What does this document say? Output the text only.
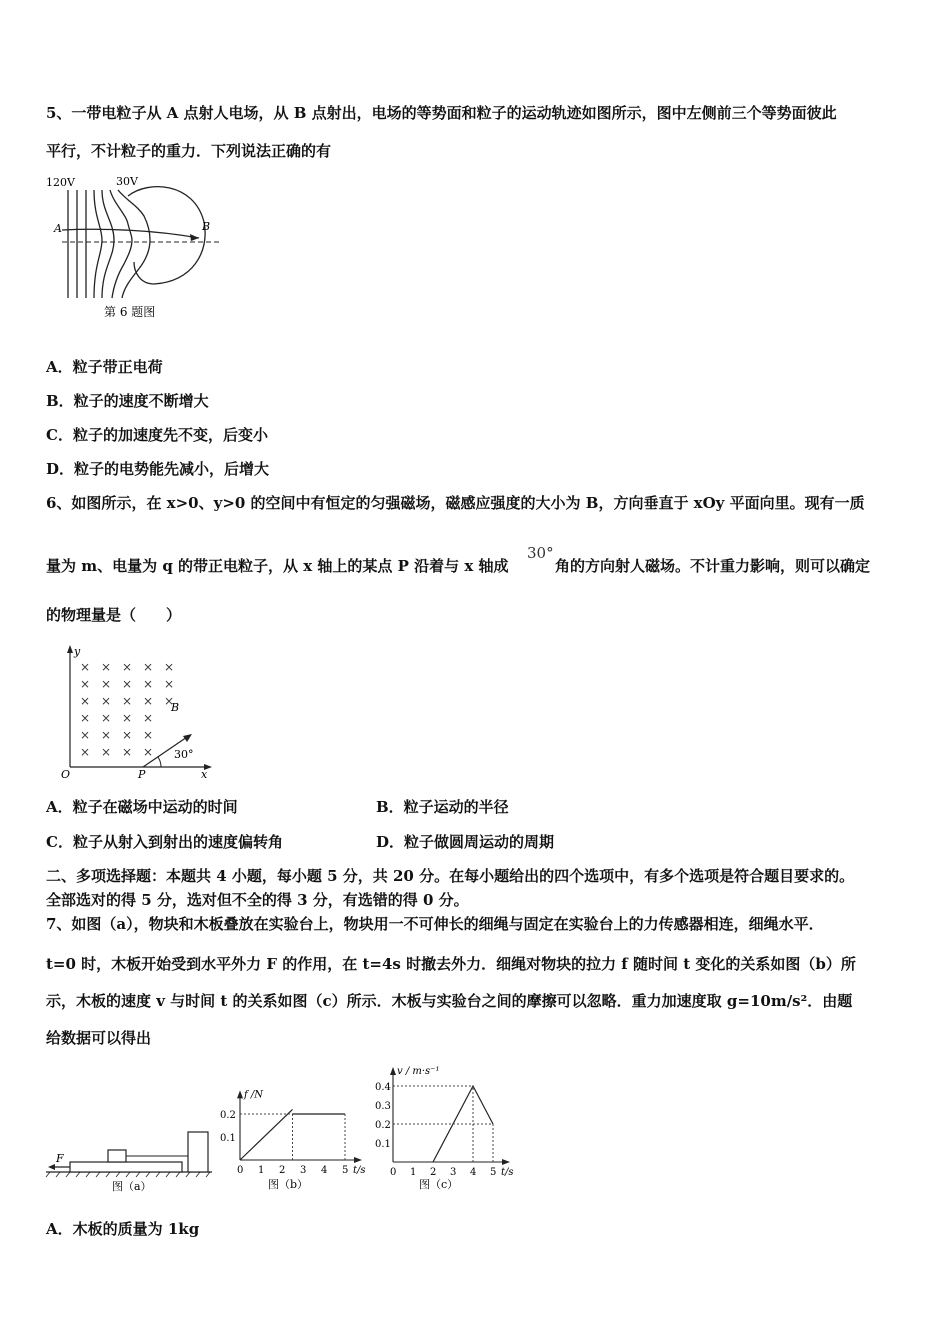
5、一带电粒子从 A 点射人电场，从 B 点射出，电场的等势面和粒子的运动轨迹如图所示，图中左侧前三个等势面彼此
平行，不计粒子的重力．下列说法正确的有
120V	30V
A	B
第 6 题图
A．粒子带正电荷
B．粒子的速度不断增大
C．粒子的加速度先不变，后变小
D．粒子的电势能先减小，后增大
6、如图所示，在 x>0、y>0 的空间中有恒定的匀强磁场，磁感应强度的大小为 B，方向垂直于 xOy 平面向里。现有一质
量为 m、电量为 q 的带正电粒子，从 x 轴上的某点 P 沿着与 x 轴成
30°
角的方向射人磁场。不计重力影响，则可以确定
的物理量是（　　）
y
x
O	P
B
× × × × ×
× × × × ×
× × × × ×
× × × ×
× × × ×
× × × × 30°
A．粒子在磁场中运动的时间	B．粒子运动的半径
C．粒子从射入到射出的速度偏转角	D．粒子做圆周运动的周期
二、多项选择题：本题共 4 小题，每小题 5 分，共 20 分。在每小题给出的四个选项中，有多个选项是符合题目要求的。
全部选对的得 5 分，选对但不全的得 3 分，有选错的得 0 分。
7、如图（a），物块和木板叠放在实验台上，物块用一不可伸长的细绳与固定在实验台上的力传感器相连，细绳水平．
t=0 时，木板开始受到水平外力 F 的作用，在 t=4s 时撤去外力．细绳对物块的拉力 f 随时间 t 变化的关系如图（b）所
示，木板的速度 v 与时间 t 的关系如图（c）所示．木板与实验台之间的摩擦可以忽略．重力加速度取 g=10m/s²．由题
给数据可以得出
F
图（a）
0 1 2 3 4 5 t/s
f /N
0.2
0.1
图（b）
0 1 2 3 4 5 t/s
v / m·s⁻¹
0.4
0.3
0.2
0.1
图（c）
A．木板的质量为 1kg
